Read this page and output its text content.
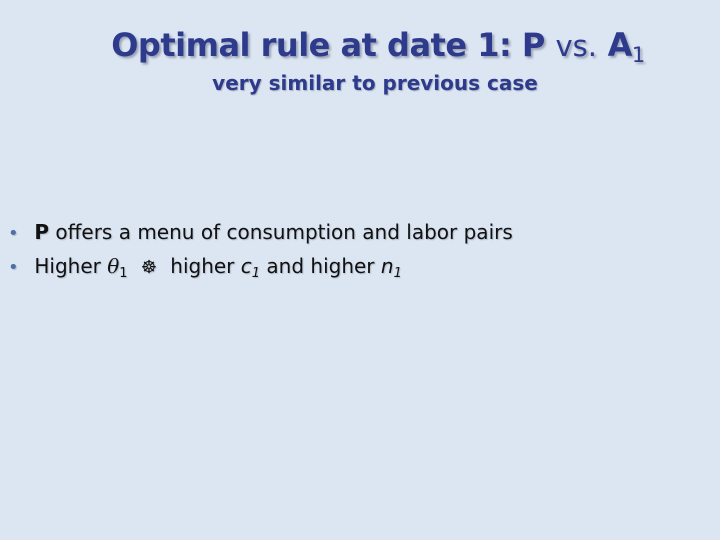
Optimal rule at date 1: P vs. $A_1$
very similar to previous case
• P offers a menu of consumption and labor pairs
• Higher $\theta_1$ ☸ higher $c_1$ and higher $n_1$
